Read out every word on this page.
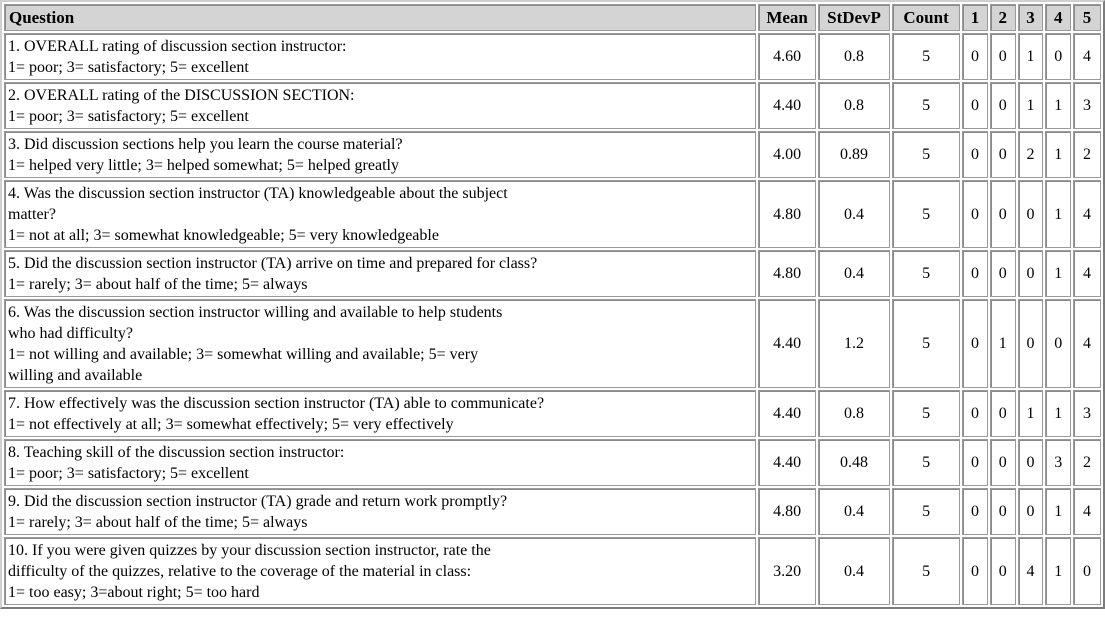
Question	Mean	StDevP	Count	1	2	3	4	5

1. OVERALL rating of discussion section instructor:
1= poor; 3= satisfactory; 5= excellent	4.60	0.8	5	0	0	1	0	4

2. OVERALL rating of the DISCUSSION SECTION:
1= poor; 3= satisfactory; 5= excellent	4.40	0.8	5	0	0	1	1	3

3. Did discussion sections help you learn the course material?
1= helped very little; 3= helped somewhat; 5= helped greatly	4.00	0.89	5	0	0	2	1	2

4. Was the discussion section instructor (TA) knowledgeable about the subject
matter?
1= not at all; 3= somewhat knowledgeable; 5= very knowledgeable	4.80	0.4	5	0	0	0	1	4

5. Did the discussion section instructor (TA) arrive on time and prepared for class?
1= rarely; 3= about half of the time; 5= always	4.80	0.4	5	0	0	0	1	4

6. Was the discussion section instructor willing and available to help students
who had difficulty?
1= not willing and available; 3= somewhat willing and available; 5= very
willing and available	4.40	1.2	5	0	1	0	0	4

7. How effectively was the discussion section instructor (TA) able to communicate?
1= not effectively at all; 3= somewhat effectively; 5= very effectively	4.40	0.8	5	0	0	1	1	3

8. Teaching skill of the discussion section instructor:
1= poor; 3= satisfactory; 5= excellent	4.40	0.48	5	0	0	0	3	2

9. Did the discussion section instructor (TA) grade and return work promptly?
1= rarely; 3= about half of the time; 5= always	4.80	0.4	5	0	0	0	1	4

10. If you were given quizzes by your discussion section instructor, rate the
difficulty of the quizzes, relative to the coverage of the material in class:
1= too easy; 3=about right; 5= too hard	3.20	0.4	5	0	0	4	1	0
